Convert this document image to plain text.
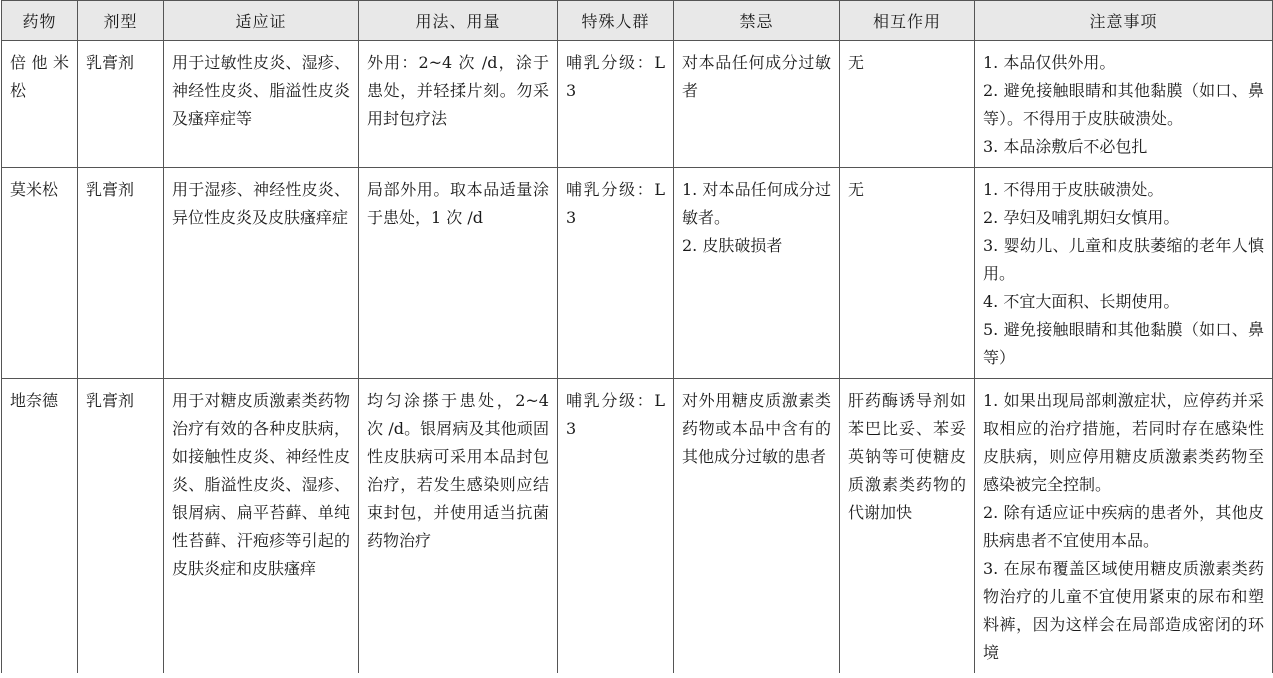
药物	剂型	适应证	用法、用量	特殊人群	禁忌	相互作用	注意事项
倍他米松	乳膏剂	用于过敏性皮炎、湿疹、神经性皮炎、脂溢性皮炎及瘙痒症等	外用：2~4 次 /d，涂于患处，并轻揉片刻。勿采用封包疗法	哺乳分级：L3	对本品任何成分过敏者	无	1. 本品仅供外用。
2. 避免接触眼睛和其他黏膜（如口、鼻等）。不得用于皮肤破溃处。
3. 本品涂敷后不必包扎

莫米松	乳膏剂	用于湿疹、神经性皮炎、异位性皮炎及皮肤瘙痒症	局部外用。取本品适量涂于患处，1 次 /d	哺乳分级：L3	1. 对本品任何成分过敏者。
2. 皮肤破损者	无	1. 不得用于皮肤破溃处。
2. 孕妇及哺乳期妇女慎用。
3. 婴幼儿、儿童和皮肤萎缩的老年人慎用。
4. 不宜大面积、长期使用。
5. 避免接触眼睛和其他黏膜（如口、鼻等）

地奈德	乳膏剂	用于对糖皮质激素类药物治疗有效的各种皮肤病，如接触性皮炎、神经性皮炎、脂溢性皮炎、湿疹、银屑病、扁平苔藓、单纯性苔藓、汗疱疹等引起的皮肤炎症和皮肤瘙痒	均匀涂搽于患处，2~4 次 /d。银屑病及其他顽固性皮肤病可采用本品封包治疗，若发生感染则应结束封包，并使用适当抗菌药物治疗	哺乳分级：L3	对外用糖皮质激素类药物或本品中含有的其他成分过敏的患者	肝药酶诱导剂如苯巴比妥、苯妥英钠等可使糖皮质激素类药物的代谢加快	1. 如果出现局部刺激症状，应停药并采取相应的治疗措施，若同时存在感染性皮肤病，则应停用糖皮质激素类药物至感染被完全控制。
2. 除有适应证中疾病的患者外，其他皮肤病患者不宜使用本品。
3. 在尿布覆盖区域使用糖皮质激素类药物治疗的儿童不宜使用紧束的尿布和塑料裤，因为这样会在局部造成密闭的环境
